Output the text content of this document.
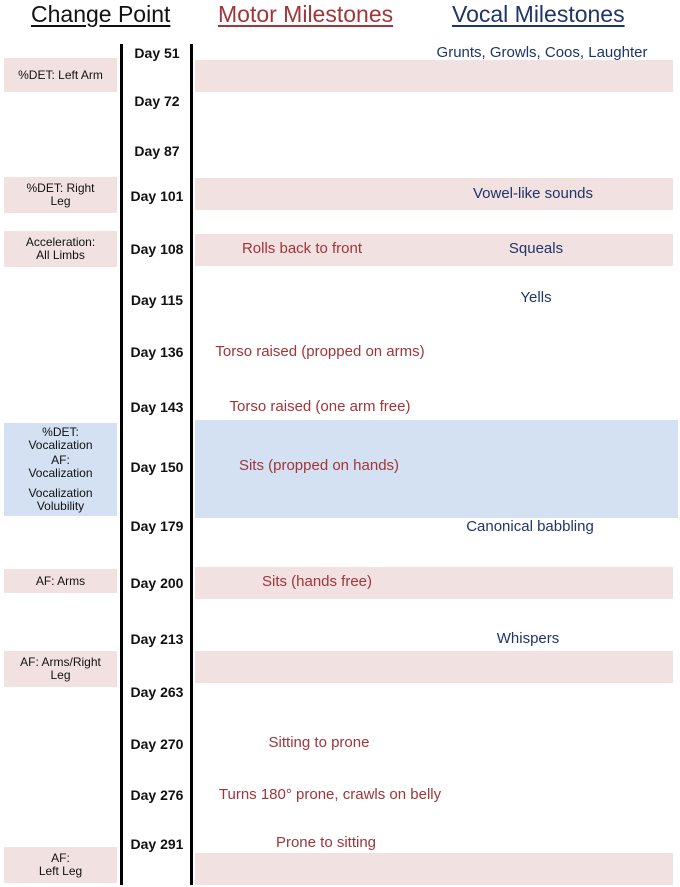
Change Point Motor Milestones	Vocal Milestones
%DET: Left Arm
%DET: Right
Leg
Acceleration:
All Limbs
%DET:
Vocalization
AF:
Vocalization
Vocalization
Volubility
AF: Arms
AF: Arms/Right
Leg
AF:
Left Leg
Day 51
Day 72
Day 87
Day 101
Day 108
Day 115
Day 136
Day 143
Day 150
Day 179
Day 200
Day 213
Day 263
Day 270
Day 276
Day 291
Rolls back to front
Torso raised (propped on arms)
Torso raised (one arm free)
Sits (propped on hands)
Sits (hands free)
Sitting to prone
Turns 180° prone, crawls on belly
Prone to sitting
Grunts, Growls, Coos, Laughter
Vowel-like sounds
Squeals
Yells
Canonical babbling
Whispers
